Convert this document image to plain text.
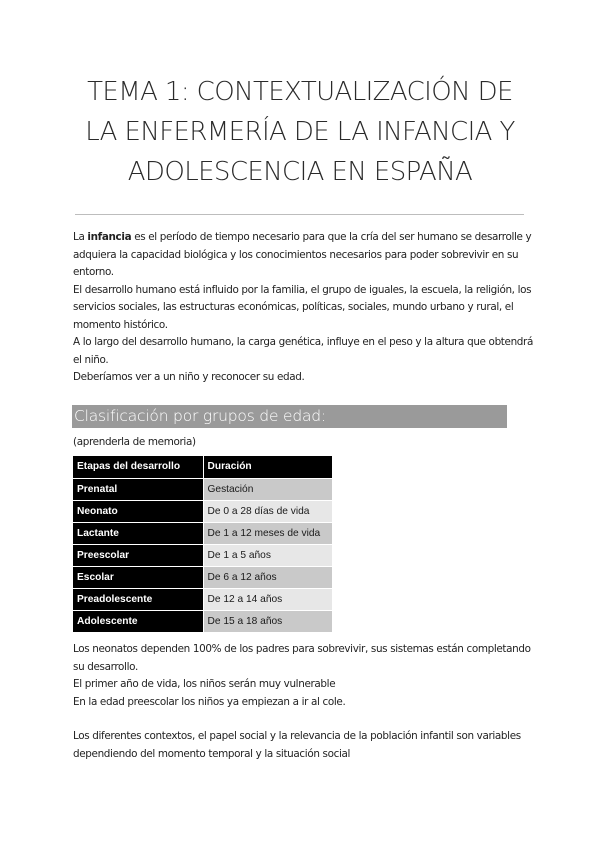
TEMA 1: CONTEXTUALIZACIÓN DE
LA ENFERMERÍA DE LA INFANCIA Y
ADOLESCENCIA EN ESPAÑA

La infancia es el período de tiempo necesario para que la cría del ser humano se desarrolle y adquiera la capacidad biológica y los conocimientos necesarios para poder sobrevivir en su entorno.

El desarrollo humano está influido por la familia, el grupo de iguales, la escuela, la religión, los servicios sociales, las estructuras económicas, políticas, sociales, mundo urbano y rural, el momento histórico.

A lo largo del desarrollo humano, la carga genética, influye en el peso y la altura que obtendrá el niño.

Deberíamos ver a un niño y reconocer su edad.

Clasificación por grupos de edad:
(aprenderla de memoria)
Etapas del desarrollo	Duración
Prenatal	Gestación
Neonato	De 0 a 28 días de vida
Lactante	De 1 a 12 meses de vida
Preescolar	De 1 a 5 años
Escolar	De 6 a 12 años
Preadolescente	De 12 a 14 años
Adolescente	De 15 a 18 años

Los neonatos dependen 100% de los padres para sobrevivir, sus sistemas están completando su desarrollo.

El primer año de vida, los niños serán muy vulnerable

En la edad preescolar los niños ya empiezan a ir al cole.

Los diferentes contextos, el papel social y la relevancia de la población infantil son variables dependiendo del momento temporal y la situación social
